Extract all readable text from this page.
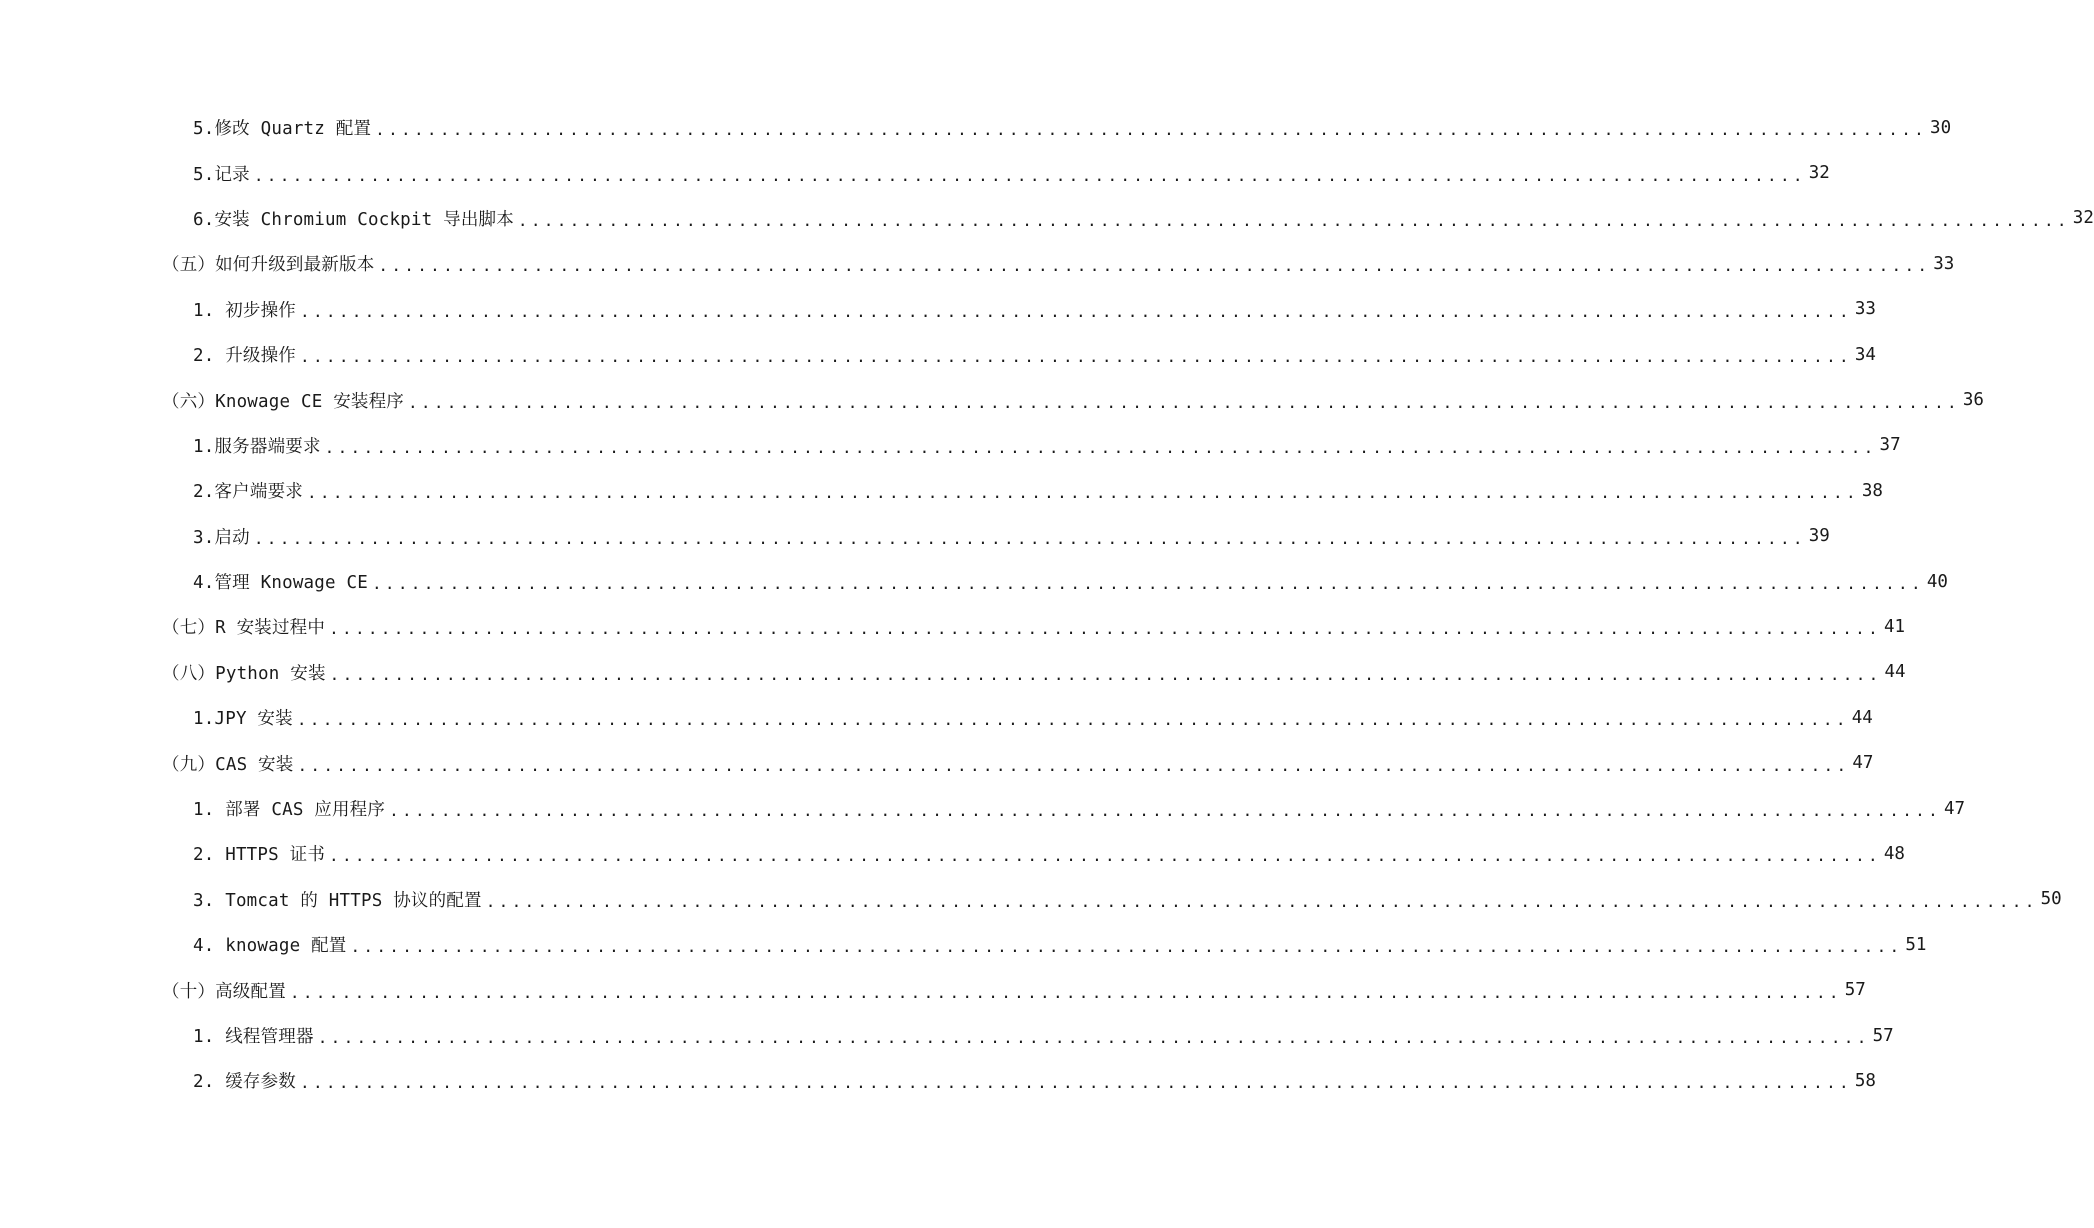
5.修改 Quartz 配置 ........................................................................................................................ 30
5.记录 ........................................................................................................................ 32
6.安装 Chromium Cockpit 导出脚本 ........................................................................................................................ 32
（五）如何升级到最新版本 ........................................................................................................................ 33
1. 初步操作 ........................................................................................................................ 33
2. 升级操作 ........................................................................................................................ 34
（六）Knowage CE 安装程序 ........................................................................................................................ 36
1.服务器端要求 ........................................................................................................................ 37
2.客户端要求 ........................................................................................................................ 38
3.启动 ........................................................................................................................ 39
4.管理 Knowage CE ........................................................................................................................ 40
（七）R 安装过程中 ........................................................................................................................ 41
（八）Python 安装 ........................................................................................................................ 44
1.JPY 安装 ........................................................................................................................ 44
（九）CAS 安装 ........................................................................................................................ 47
1. 部署 CAS 应用程序 ........................................................................................................................ 47
2. HTTPS 证书 ........................................................................................................................ 48
3. Tomcat 的 HTTPS 协议的配置 ........................................................................................................................ 50
4. knowage 配置 ........................................................................................................................ 51
（十）高级配置 ........................................................................................................................ 57
1. 线程管理器 ........................................................................................................................ 57
2. 缓存参数 ........................................................................................................................ 58
